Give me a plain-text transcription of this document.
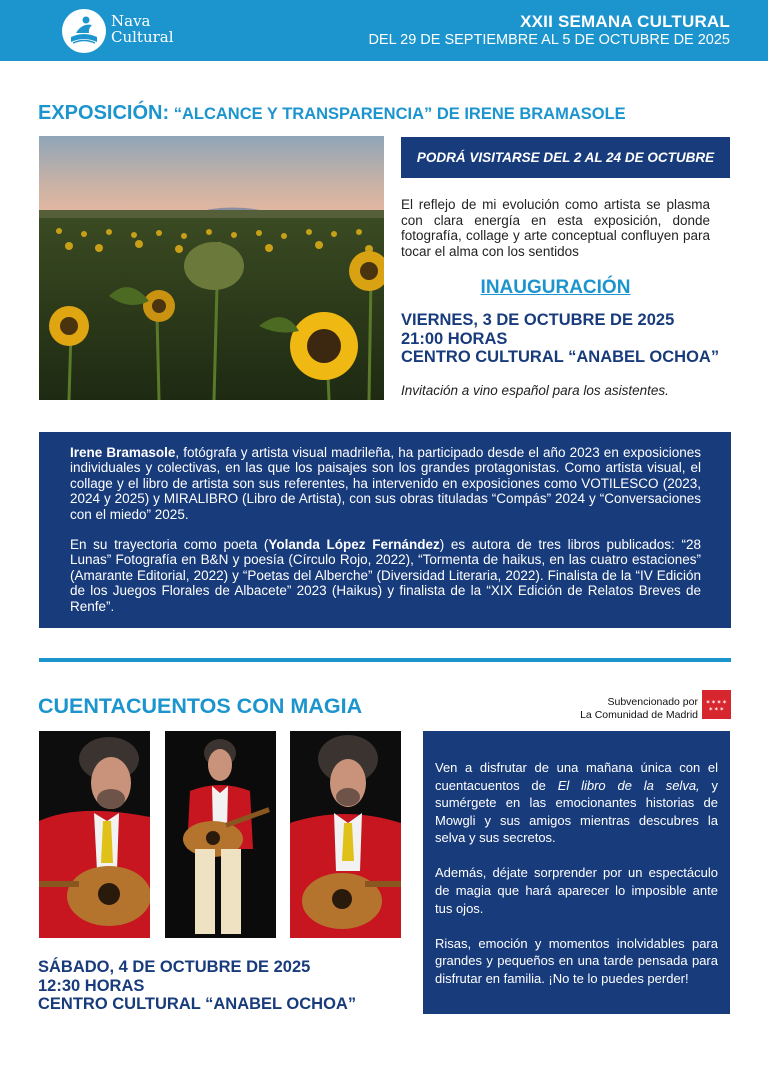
Nava
Cultural
XXII SEMANA CULTURAL
DEL 29 DE SEPTIEMBRE AL 5 DE OCTUBRE DE 2025
EXPOSICIÓN: “ALCANCE Y TRANSPARENCIA” DE IRENE BRAMASOLE
PODRÁ VISITARSE DEL 2 AL 24 DE OCTUBRE
El reflejo de mi evolución como artista se plasma con clara energía en esta exposición, donde fotografía, collage y arte conceptual confluyen para tocar el alma con los sentidos
INAUGURACIÓN
VIERNES, 3 DE OCTUBRE DE 2025
21:00 HORAS
CENTRO CULTURAL “ANABEL OCHOA”
Invitación a vino español para los asistentes.

Irene Bramasole, fotógrafa y artista visual madrileña, ha participado desde el año 2023 en exposiciones individuales y colectivas, en las que los paisajes son los grandes protagonistas. Como artista visual, el collage y el libro de artista son sus referentes, ha intervenido en exposiciones como VOTILESCO (2023, 2024 y 2025) y MIRALIBRO (Libro de Artista), con sus obras tituladas “Compás” 2024 y “Conversaciones con el miedo” 2025.

En su trayectoria como poeta (Yolanda López Fernández) es autora de tres libros publicados: “28 Lunas” Fotografía en B&N y poesía (Círculo Rojo, 2022), “Tormenta de haikus, en las cuatro estaciones” (Amarante Editorial, 2022) y “Poetas del Alberche” (Diversidad Literaria, 2022). Finalista de la “IV Edición de los Juegos Florales de Albacete” 2023 (Haikus) y finalista de la “XIX Edición de Relatos Breves de Renfe”.

CUENTACUENTOS CON MAGIA	Subvencionado por
La Comunidad de Madrid
✶✶✶✶
✶✶✶
SÁBADO, 4 DE OCTUBRE DE 2025
12:30 HORAS
CENTRO CULTURAL “ANABEL OCHOA”

Ven a disfrutar de una mañana única con el cuentacuentos de El libro de la selva, y sumérgete en las emocionantes historias de Mowgli y sus amigos mientras descubres la selva y sus secretos.

Además, déjate sorprender por un espectáculo de magia que hará aparecer lo imposible ante tus ojos.

Risas, emoción y momentos inolvidables para grandes y pequeños en una tarde pensada para disfrutar en familia. ¡No te lo puedes perder!
